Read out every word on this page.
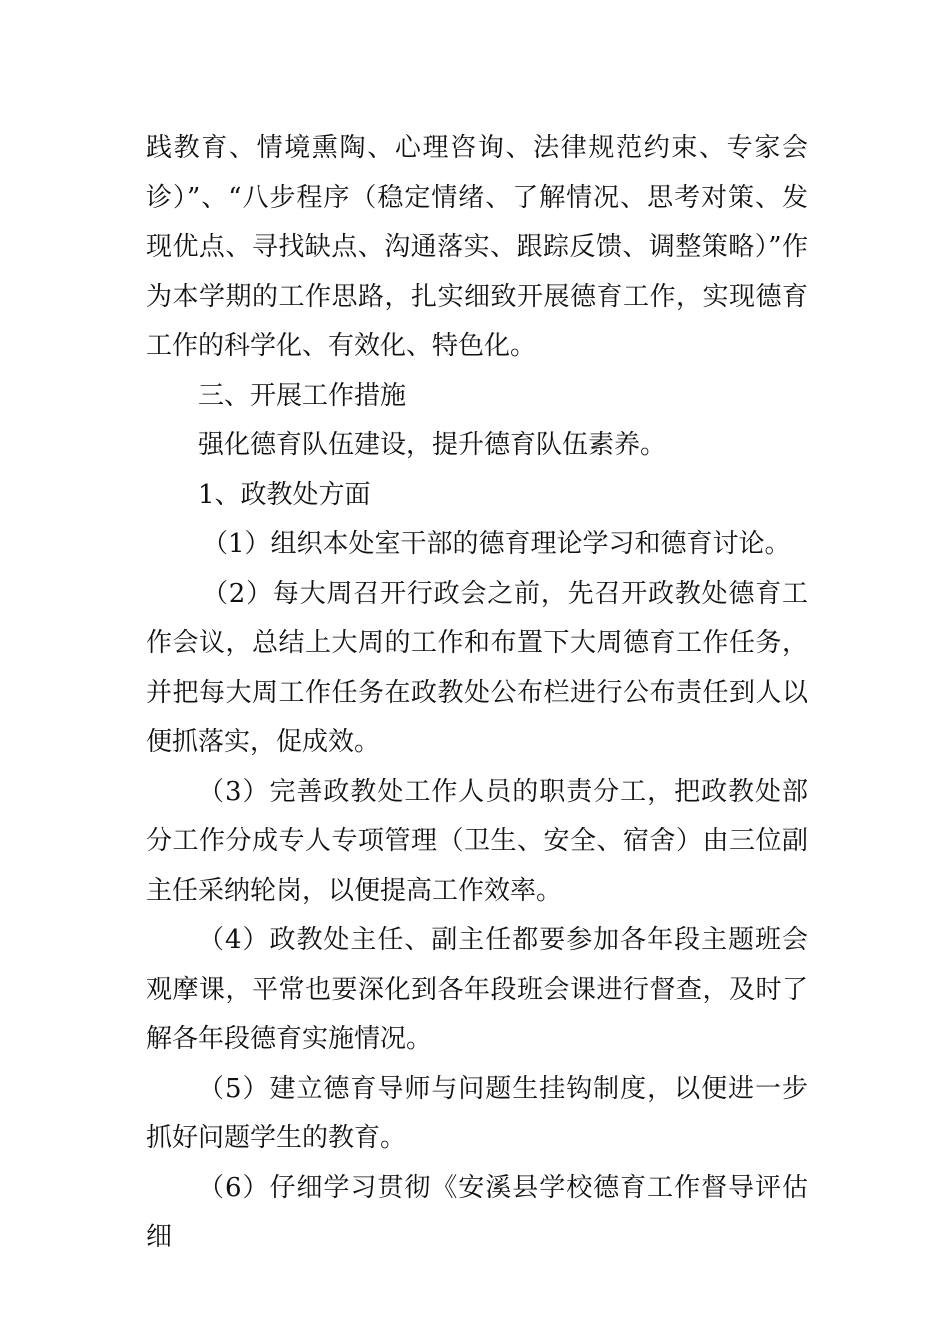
践教育、情境熏陶、心理咨询、法律规范约束、专家会诊）”、“八步程序（稳定情绪、了解情况、思考对策、发现优点、寻找缺点、沟通落实、跟踪反馈、调整策略）”作为本学期的工作思路，扎实细致开展德育工作，实现德育工作的科学化、有效化、特色化。

三、开展工作措施

强化德育队伍建设，提升德育队伍素养。

1、政教处方面

（1）组织本处室干部的德育理论学习和德育讨论。

（2）每大周召开行政会之前，先召开政教处德育工作会议，总结上大周的工作和布置下大周德育工作任务，并把每大周工作任务在政教处公布栏进行公布责任到人以便抓落实，促成效。

（3）完善政教处工作人员的职责分工，把政教处部分工作分成专人专项管理（卫生、安全、宿舍）由三位副主任采纳轮岗，以便提高工作效率。

（4）政教处主任、副主任都要参加各年段主题班会观摩课，平常也要深化到各年段班会课进行督查，及时了解各年段德育实施情况。

（5）建立德育导师与问题生挂钩制度，以便进一步抓好问题学生的教育。

（6）仔细学习贯彻《安溪县学校德育工作督导评估细
